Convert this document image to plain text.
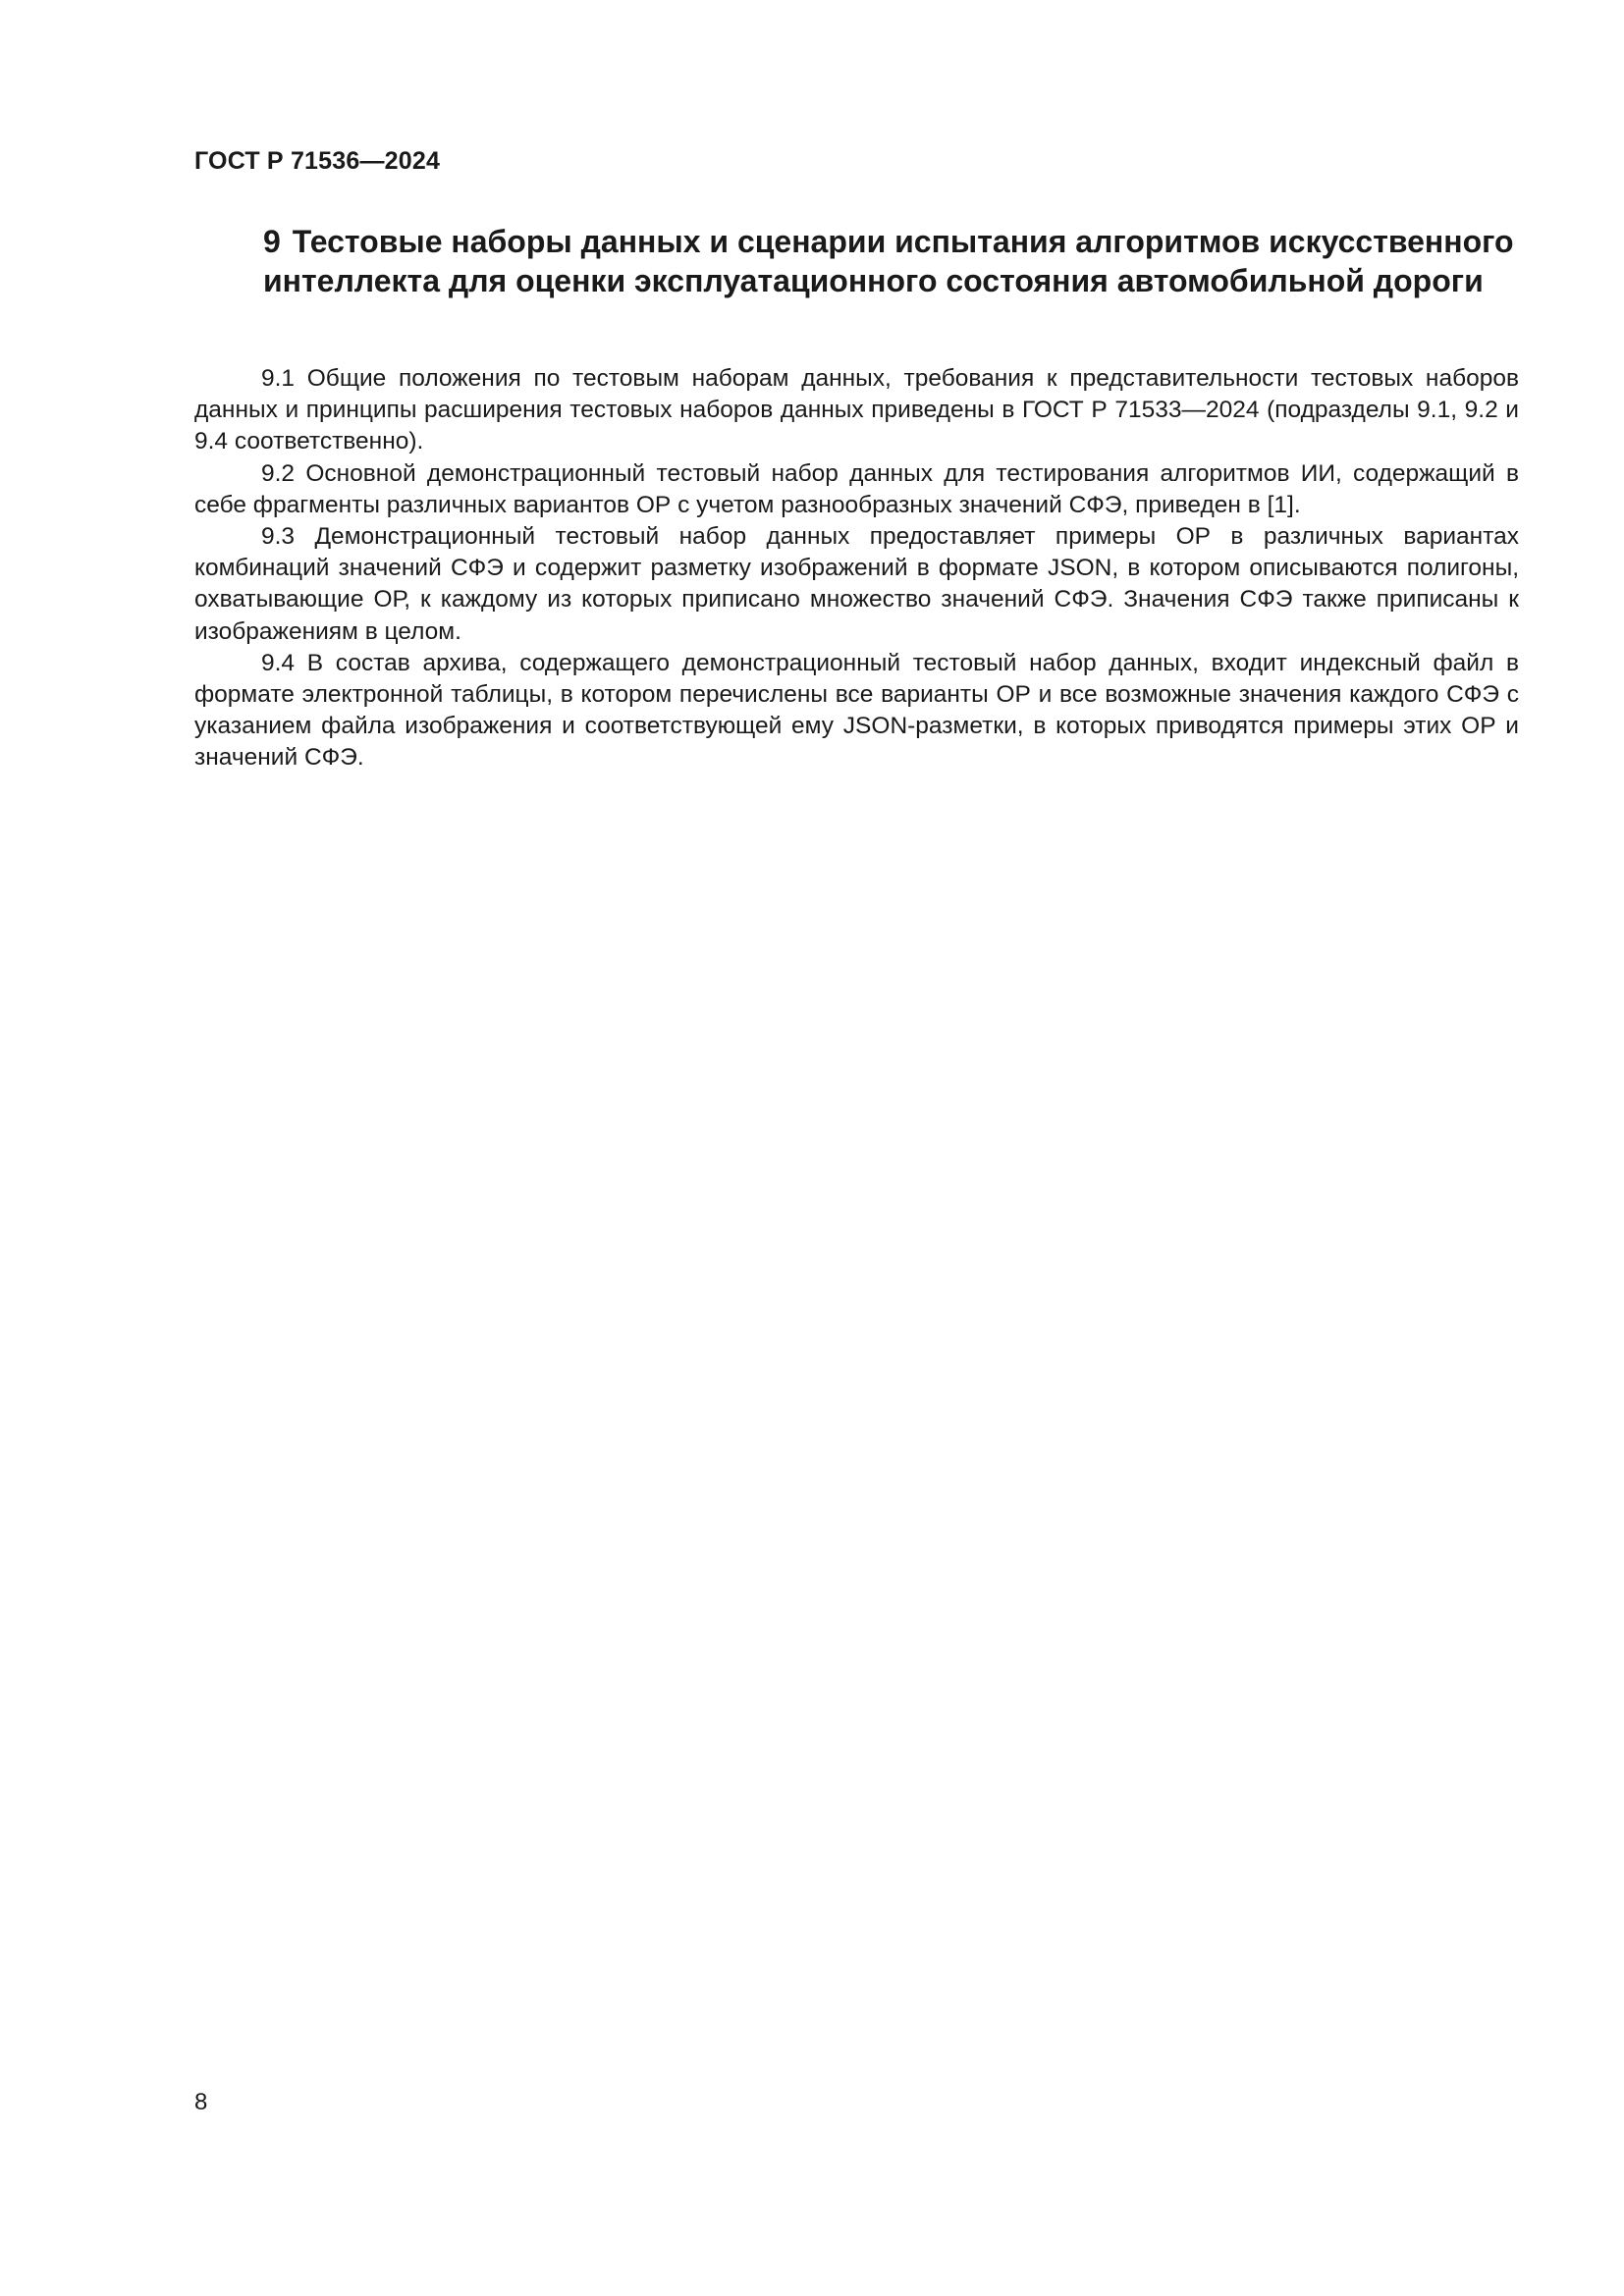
ГОСТ Р 71536—2024
9 Тестовые наборы данных и сценарии испытания алгоритмов искусственного интеллекта для оценки эксплуатационного состояния автомобильной дороги

9.1 Общие положения по тестовым наборам данных, требования к представительности тестовых наборов данных и принципы расширения тестовых наборов данных приведены в ГОСТ Р 71533—2024 (подразделы 9.1, 9.2 и 9.4 соответственно).

9.2 Основной демонстрационный тестовый набор данных для тестирования алгоритмов ИИ, содержащий в себе фрагменты различных вариантов ОР с учетом разнообразных значений СФЭ, приведен в [1].

9.3 Демонстрационный тестовый набор данных предоставляет примеры ОР в различных вариантах комбинаций значений СФЭ и содержит разметку изображений в формате JSON, в котором описываются полигоны, охватывающие ОР, к каждому из которых приписано множество значений СФЭ. Значения СФЭ также приписаны к изображениям в целом.

9.4 В состав архива, содержащего демонстрационный тестовый набор данных, входит индексный файл в формате электронной таблицы, в котором перечислены все варианты ОР и все возможные значения каждого СФЭ с указанием файла изображения и соответствующей ему JSON-разметки, в которых приводятся примеры этих ОР и значений СФЭ.

8
